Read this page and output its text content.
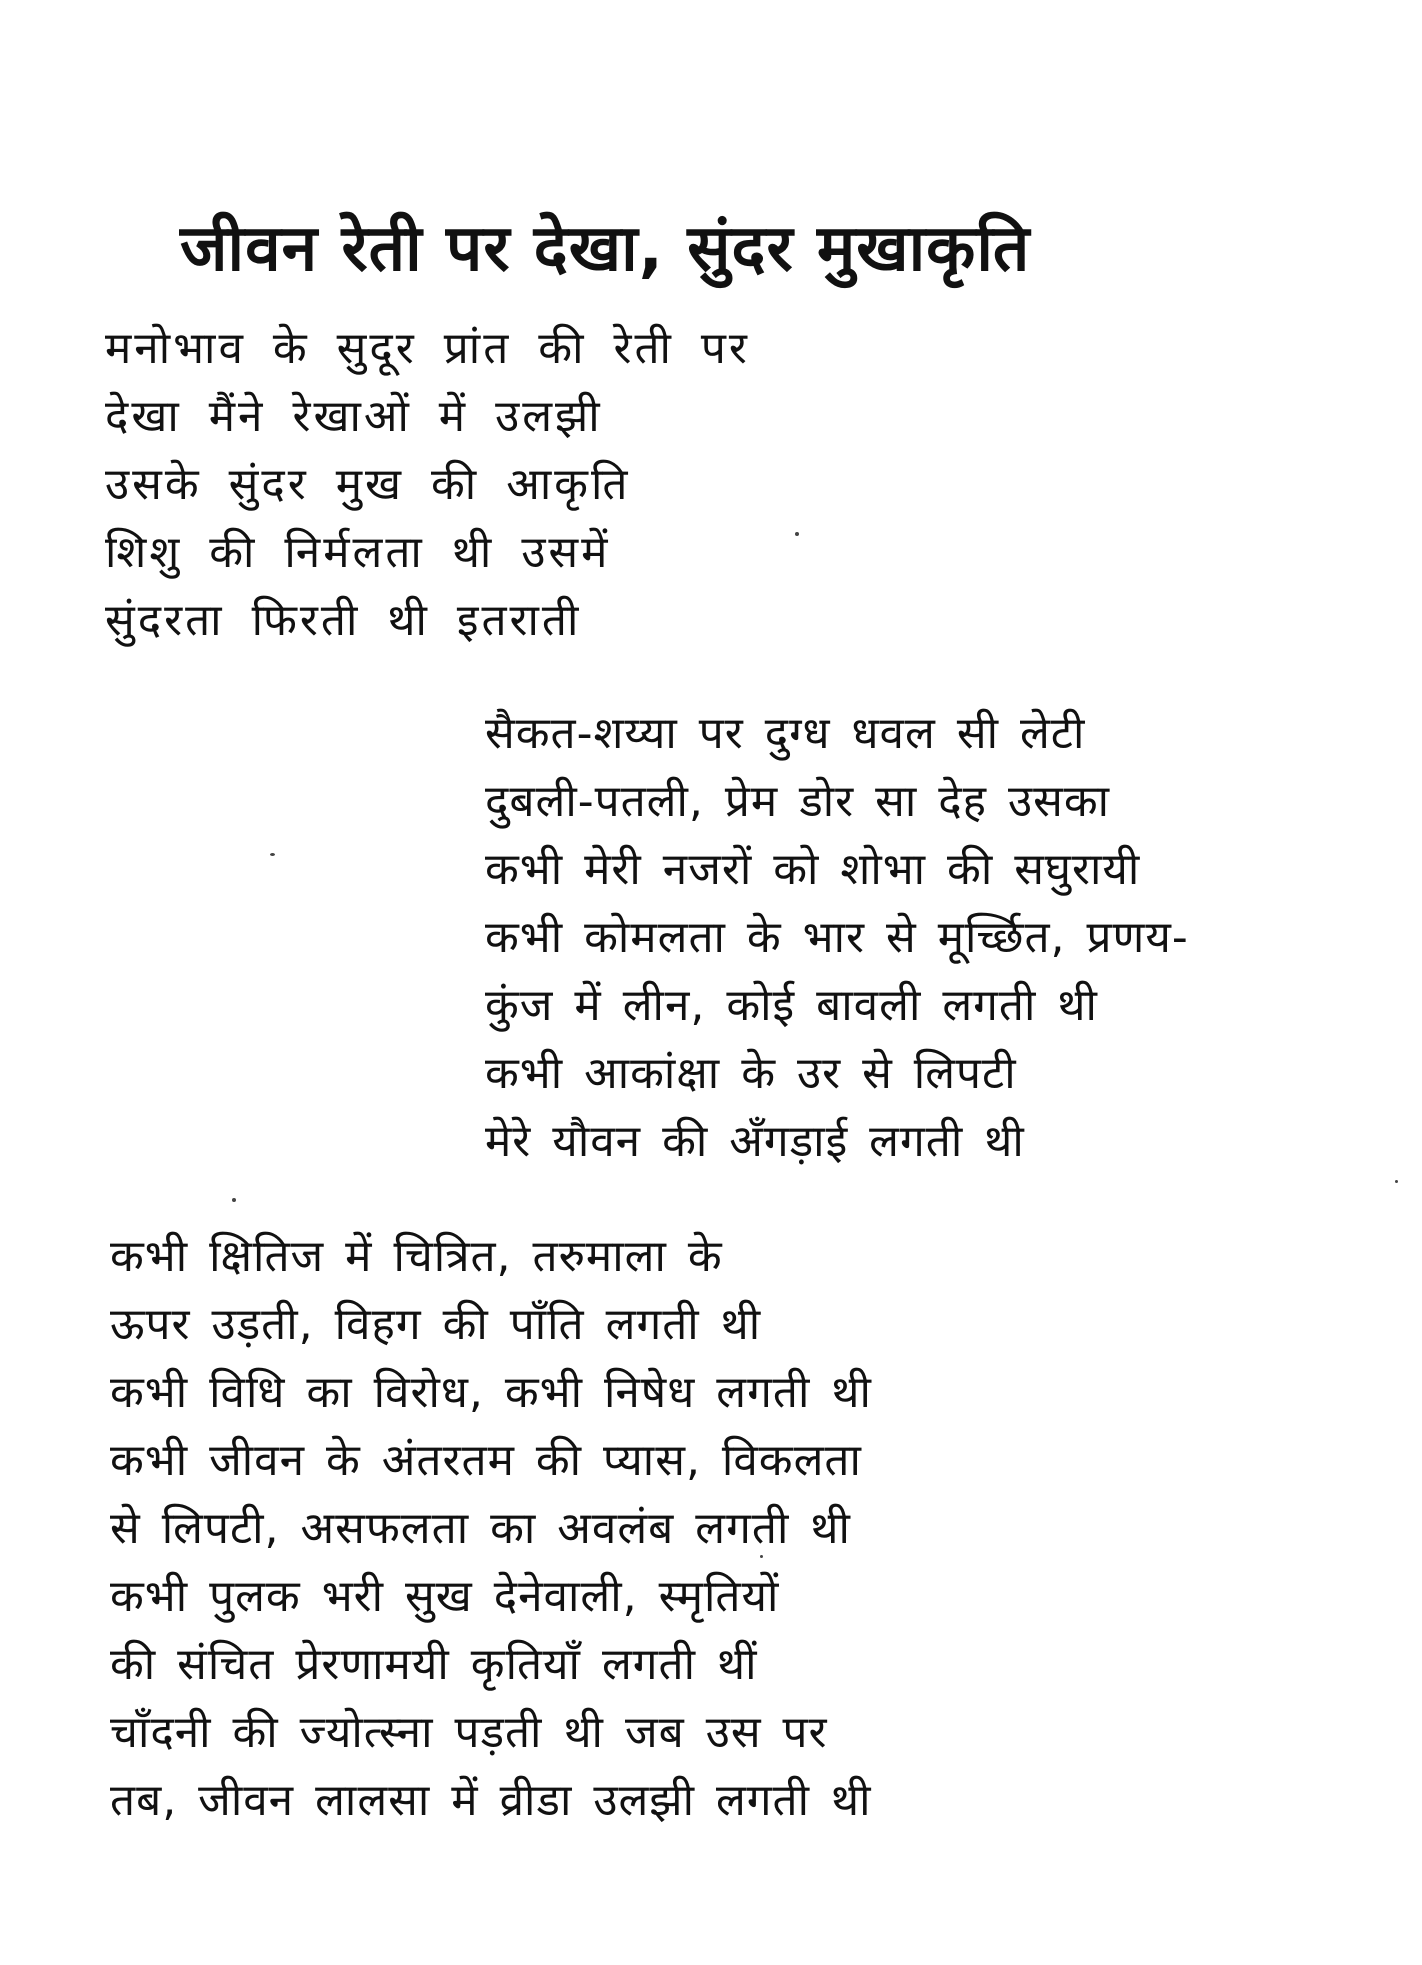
जीवन रेती पर देखा, सुंदर मुखाकृति
मनोभाव के सुदूर प्रांत की रेती पर
देखा मैंने रेखाओं में उलझी
उसके सुंदर मुख की आकृति
शिशु की निर्मलता थी उसमें
सुंदरता फिरती थी इतराती
सैकत-शय्या पर दुग्ध धवल सी लेटी
दुबली-पतली, प्रेम डोर सा देह उसका
कभी मेरी नजरों को शोभा की सघुरायी
कभी कोमलता के भार से मूर्च्छित, प्रणय-
कुंज में लीन, कोई बावली लगती थी
कभी आकांक्षा के उर से लिपटी
मेरे यौवन की अँगड़ाई लगती थी
कभी क्षितिज में चित्रित, तरुमाला के
ऊपर उड़ती, विहग की पाँति लगती थी
कभी विधि का विरोध, कभी निषेध लगती थी
कभी जीवन के अंतरतम की प्यास, विकलता
से लिपटी, असफलता का अवलंब लगती थी
कभी पुलक भरी सुख देनेवाली, स्मृतियों
की संचित प्रेरणामयी कृतियाँ लगती थीं
चाँदनी की ज्योत्स्ना पड़ती थी जब उस पर
तब, जीवन लालसा में व्रीडा उलझी लगती थी
